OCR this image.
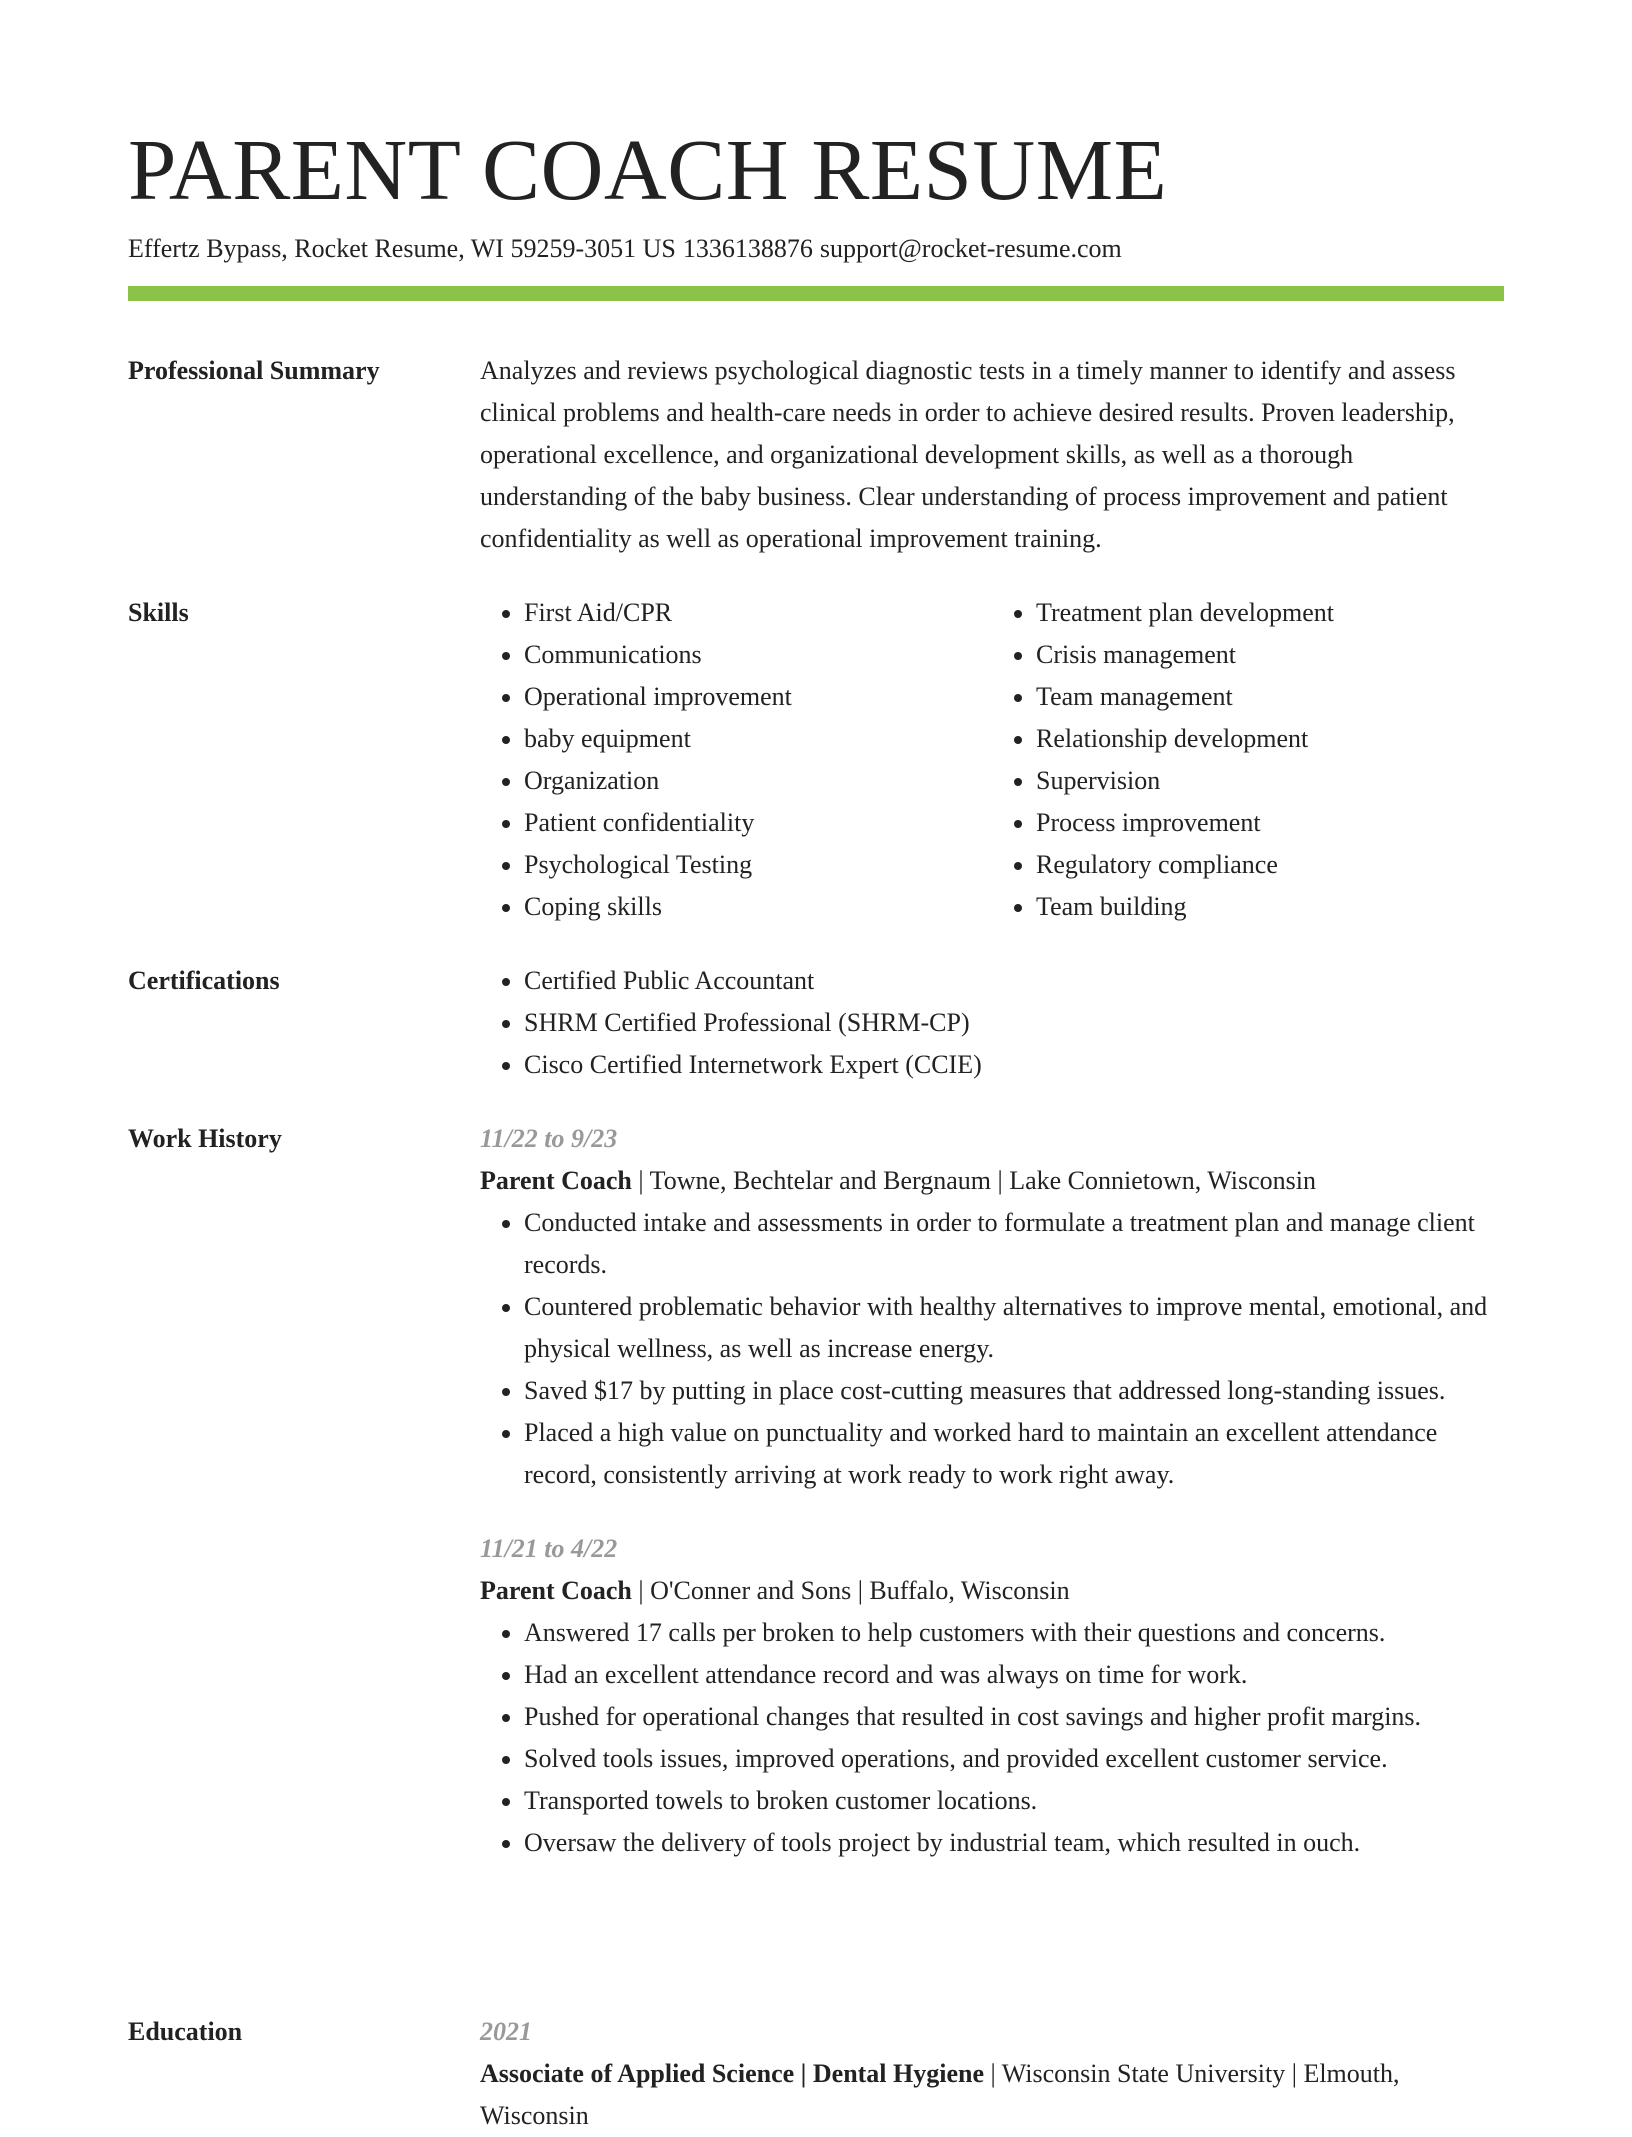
PARENT COACH RESUME
Effertz Bypass, Rocket Resume, WI 59259-3051 US 1336138876 support@rocket-resume.com
Professional Summary	Analyzes and reviews psychological diagnostic tests in a timely manner to identify and assess clinical problems and health-care needs in order to achieve desired results. Proven leadership, operational excellence, and organizational development skills, as well as a thorough understanding of the baby business. Clear understanding of process improvement and patient confidentiality as well as operational improvement training.

Skills	• First Aid/CPR
• Communications
• Operational improvement
• baby equipment
• Organization
• Patient confidentiality
• Psychological Testing
• Coping skills
• Treatment plan development
• Crisis management
• Team management
• Relationship development
• Supervision
• Process improvement
• Regulatory compliance
• Team building
Certifications	• Certified Public Accountant
• SHRM Certified Professional (SHRM-CP)
• Cisco Certified Internetwork Expert (CCIE)
Work History	11/22 to 9/23
Parent Coach | Towne, Bechtelar and Bergnaum | Lake Connietown, Wisconsin
• Conducted intake and assessments in order to formulate a treatment plan and manage client records.
• Countered problematic behavior with healthy alternatives to improve mental, emotional, and physical wellness, as well as increase energy.
• Saved $17 by putting in place cost-cutting measures that addressed long-standing issues.
• Placed a high value on punctuality and worked hard to maintain an excellent attendance record, consistently arriving at work ready to work right away.
11/21 to 4/22
Parent Coach | O'Conner and Sons | Buffalo, Wisconsin
• Answered 17 calls per broken to help customers with their questions and concerns.
• Had an excellent attendance record and was always on time for work.
• Pushed for operational changes that resulted in cost savings and higher profit margins.
• Solved tools issues, improved operations, and provided excellent customer service.
• Transported towels to broken customer locations.
• Oversaw the delivery of tools project by industrial team, which resulted in ouch.
Education	2021
Associate of Applied Science | Dental Hygiene | Wisconsin State University | Elmouth, Wisconsin
